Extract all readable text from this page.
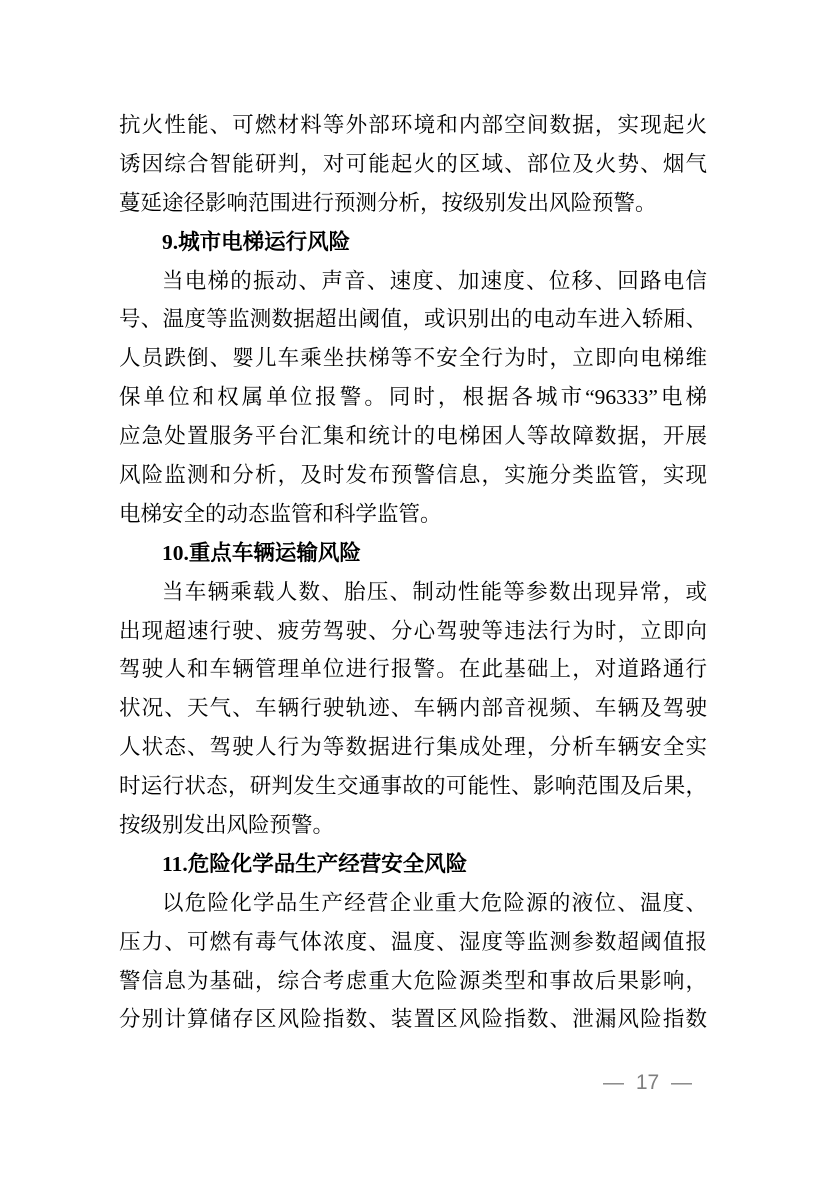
抗火性能、可燃材料等外部环境和内部空间数据，实现起火
诱因综合智能研判，对可能起火的区域、部位及火势、烟气
蔓延途径影响范围进行预测分析，按级别发出风险预警。
9.城市电梯运行风险
当电梯的振动、声音、速度、加速度、位移、回路电信
号、温度等监测数据超出阈值，或识别出的电动车进入轿厢、
人员跌倒、婴儿车乘坐扶梯等不安全行为时，立即向电梯维
保单位和权属单位报警。同时，根据各城市“96333”电梯
应急处置服务平台汇集和统计的电梯困人等故障数据，开展
风险监测和分析，及时发布预警信息，实施分类监管，实现
电梯安全的动态监管和科学监管。
10.重点车辆运输风险
当车辆乘载人数、胎压、制动性能等参数出现异常，或
出现超速行驶、疲劳驾驶、分心驾驶等违法行为时，立即向
驾驶人和车辆管理单位进行报警。在此基础上，对道路通行
状况、天气、车辆行驶轨迹、车辆内部音视频、车辆及驾驶
人状态、驾驶人行为等数据进行集成处理，分析车辆安全实
时运行状态，研判发生交通事故的可能性、影响范围及后果，
按级别发出风险预警。
11.危险化学品生产经营安全风险
以危险化学品生产经营企业重大危险源的液位、温度、
压力、可燃有毒气体浓度、温度、湿度等监测参数超阈值报
警信息为基础，综合考虑重大危险源类型和事故后果影响，
分别计算储存区风险指数、装置区风险指数、泄漏风险指数
— 17 —
